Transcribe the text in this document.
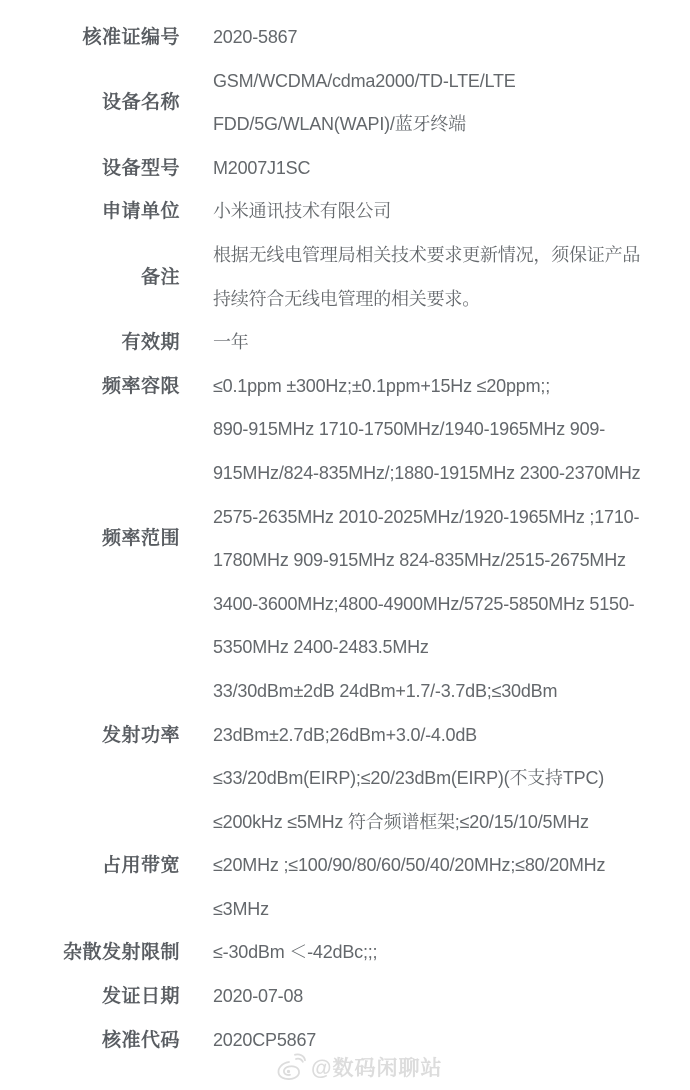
核准证编号 2020-5867
设备名称
GSM/WCDMA/cdma2000/TD-LTE/LTE
FDD/5G/WLAN(WAPI)/蓝牙终端
设备型号 M2007J1SC
申请单位 小米通讯技术有限公司
备注
根据无线电管理局相关技术要求更新情况，须保证产品
持续符合无线电管理的相关要求。
有效期 一年
频率容限 ≤0.1ppm ±300Hz;±0.1ppm+15Hz ≤20ppm;;
频率范围
890-915MHz 1710-1750MHz/1940-1965MHz 909-
915MHz/824-835MHz/;1880-1915MHz 2300-2370MHz
2575-2635MHz 2010-2025MHz/1920-1965MHz ;1710-
1780MHz 909-915MHz 824-835MHz/2515-2675MHz
3400-3600MHz;4800-4900MHz/5725-5850MHz 5150-
5350MHz 2400-2483.5MHz
发射功率
33/30dBm±2dB 24dBm+1.7/-3.7dB;≤30dBm
23dBm±2.7dB;26dBm+3.0/-4.0dB
≤33/20dBm(EIRP);≤20/23dBm(EIRP)(不支持TPC)
占用带宽
≤200kHz ≤5MHz 符合频谱框架;≤20/15/10/5MHz
≤20MHz ;≤100/90/80/60/50/40/20MHz;≤80/20MHz
≤3MHz
杂散发射限制 ≤-30dBm ＜-42dBc;;;
发证日期 2020-07-08
核准代码 2020CP5867
@数码闲聊站
